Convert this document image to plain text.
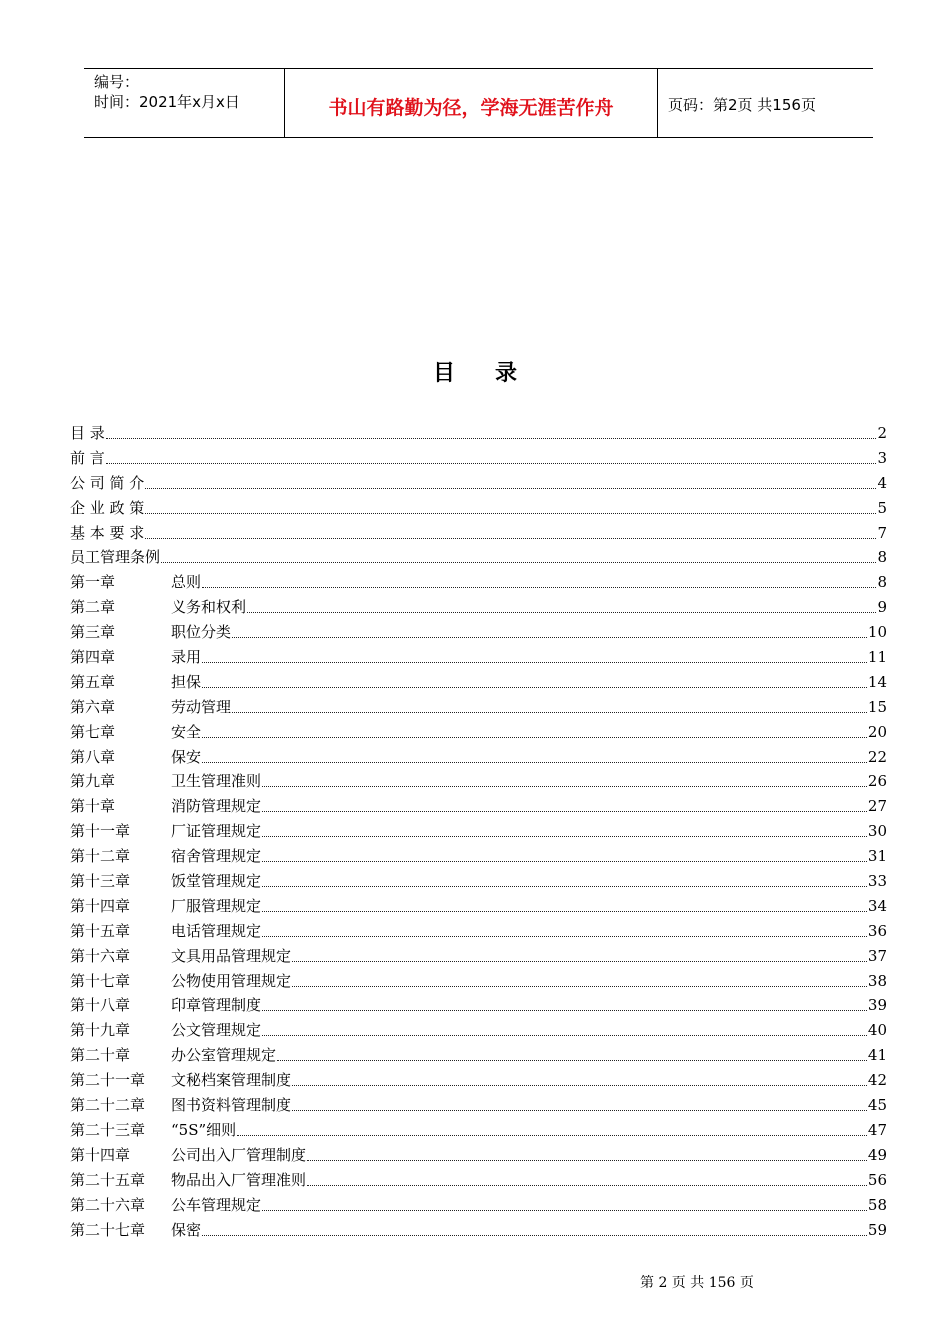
编号：
时间：2021年x月x日	书山有路勤为径，学海无涯苦作舟	页码：第2页 共156页
目录
目 录	2
前 言	3
公 司 简 介	4
企 业 政 策	5
基 本 要 求	7
员工管理条例	8
第一章	总则	8
第二章	义务和权利	9
第三章	职位分类	10
第四章	录用	11
第五章	担保	14
第六章	劳动管理	15
第七章	安全	20
第八章	保安	22
第九章	卫生管理准则	26
第十章	消防管理规定	27
第十一章	厂证管理规定	30
第十二章	宿舍管理规定	31
第十三章	饭堂管理规定	33
第十四章	厂服管理规定	34
第十五章	电话管理规定	36
第十六章	文具用品管理规定	37
第十七章	公物使用管理规定	38
第十八章	印章管理制度	39
第十九章	公文管理规定	40
第二十章	办公室管理规定	41
第二十一章	文秘档案管理制度	42
第二十二章	图书资料管理制度	45
第二十三章	“5S”细则	47
第十四章	公司出入厂管理制度	49
第二十五章	物品出入厂管理准则	56
第二十六章	公车管理规定	58
第二十七章	保密	59
第 2 页 共 156 页
